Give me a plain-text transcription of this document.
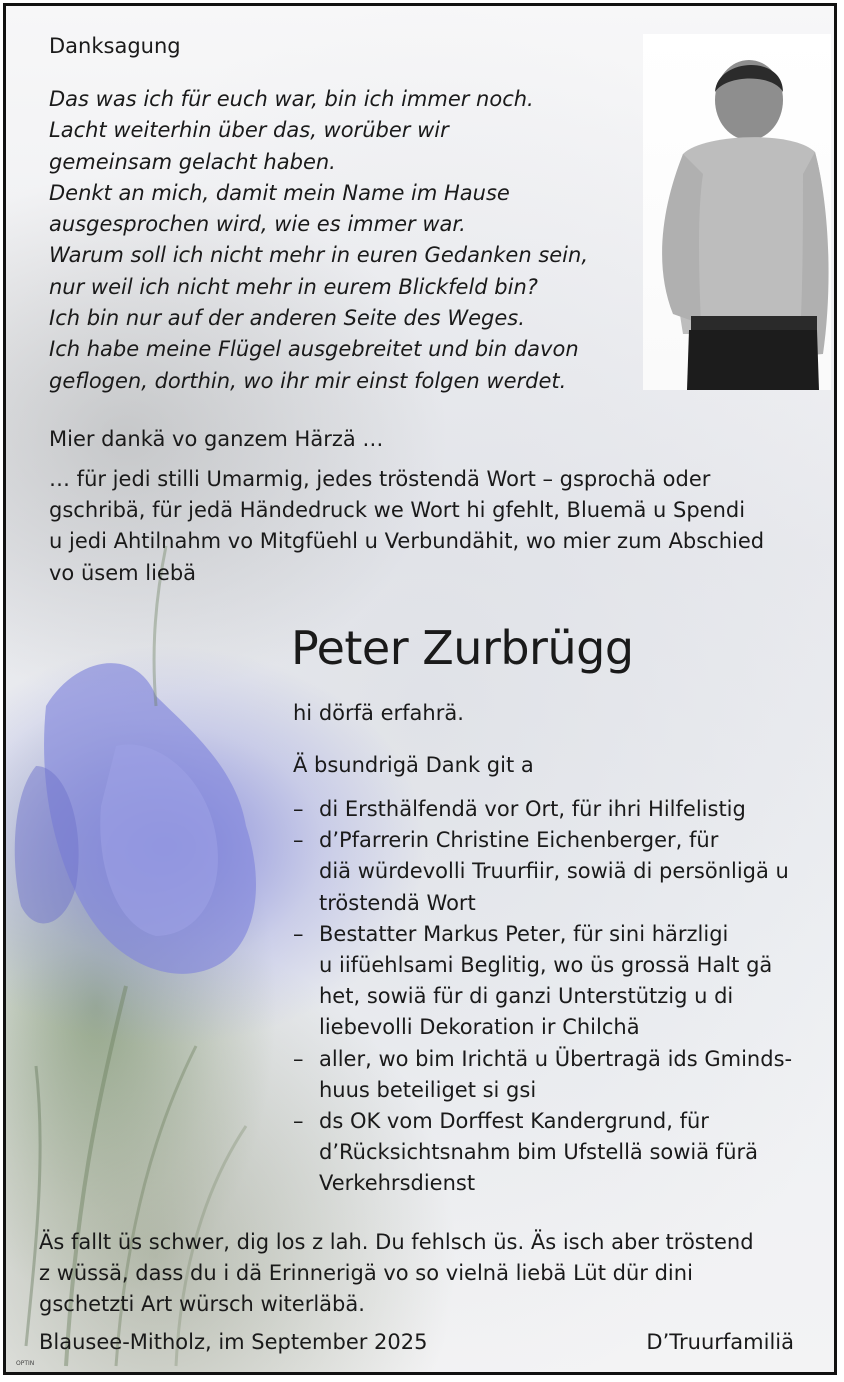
Danksagung
Das was ich für euch war, bin ich immer noch.
Lacht weiterhin über das, worüber wir
gemeinsam gelacht haben.
Denkt an mich, damit mein Name im Hause
ausgesprochen wird, wie es immer war.
Warum soll ich nicht mehr in euren Gedanken sein,
nur weil ich nicht mehr in eurem Blickfeld bin?
Ich bin nur auf der anderen Seite des Weges.
Ich habe meine Flügel ausgebreitet und bin davon
geflogen, dorthin, wo ihr mir einst folgen werdet.
Mier dankä vo ganzem Härzä …
… für jedi stilli Umarmig, jedes tröstendä Wort – gsprochä oder
gschribä, für jedä Händedruck we Wort hi gfehlt, Bluemä u Spendi
u jedi Ahtilnahm vo Mitgfüehl u Verbundähit, wo mier zum Abschied
vo üsem liebä
Peter Zurbrügg
hi dörfä erfahrä.
Ä bsundrigä Dank git a
– di Ersthälfendä vor Ort, für ihri Hilfelistig
– d’Pfarrerin Christine Eichenberger, für
diä würdevolli Truurfiir, sowiä di persönligä u
tröstendä Wort
– Bestatter Markus Peter, für sini härzligi
u iifüehlsami Beglitig, wo üs grossä Halt gä
het, sowiä für di ganzi Unterstützig u di
liebevolli Dekoration ir Chilchä
– aller, wo bim Irichtä u Übertragä ids Gminds-
huus beteiliget si gsi
– ds OK vom Dorffest Kandergrund, für
d’Rücksichtsnahm bim Ufstellä sowiä fürä
Verkehrsdienst
Äs fallt üs schwer, dig los z lah. Du fehlsch üs. Äs isch aber tröstend
z wüssä, dass du i dä Erinnerigä vo so vielnä liebä Lüt dür dini
gschetzti Art würsch witerläbä.
Blausee-Mitholz, im September 2025	D’Truurfamiliä
OPTIN
